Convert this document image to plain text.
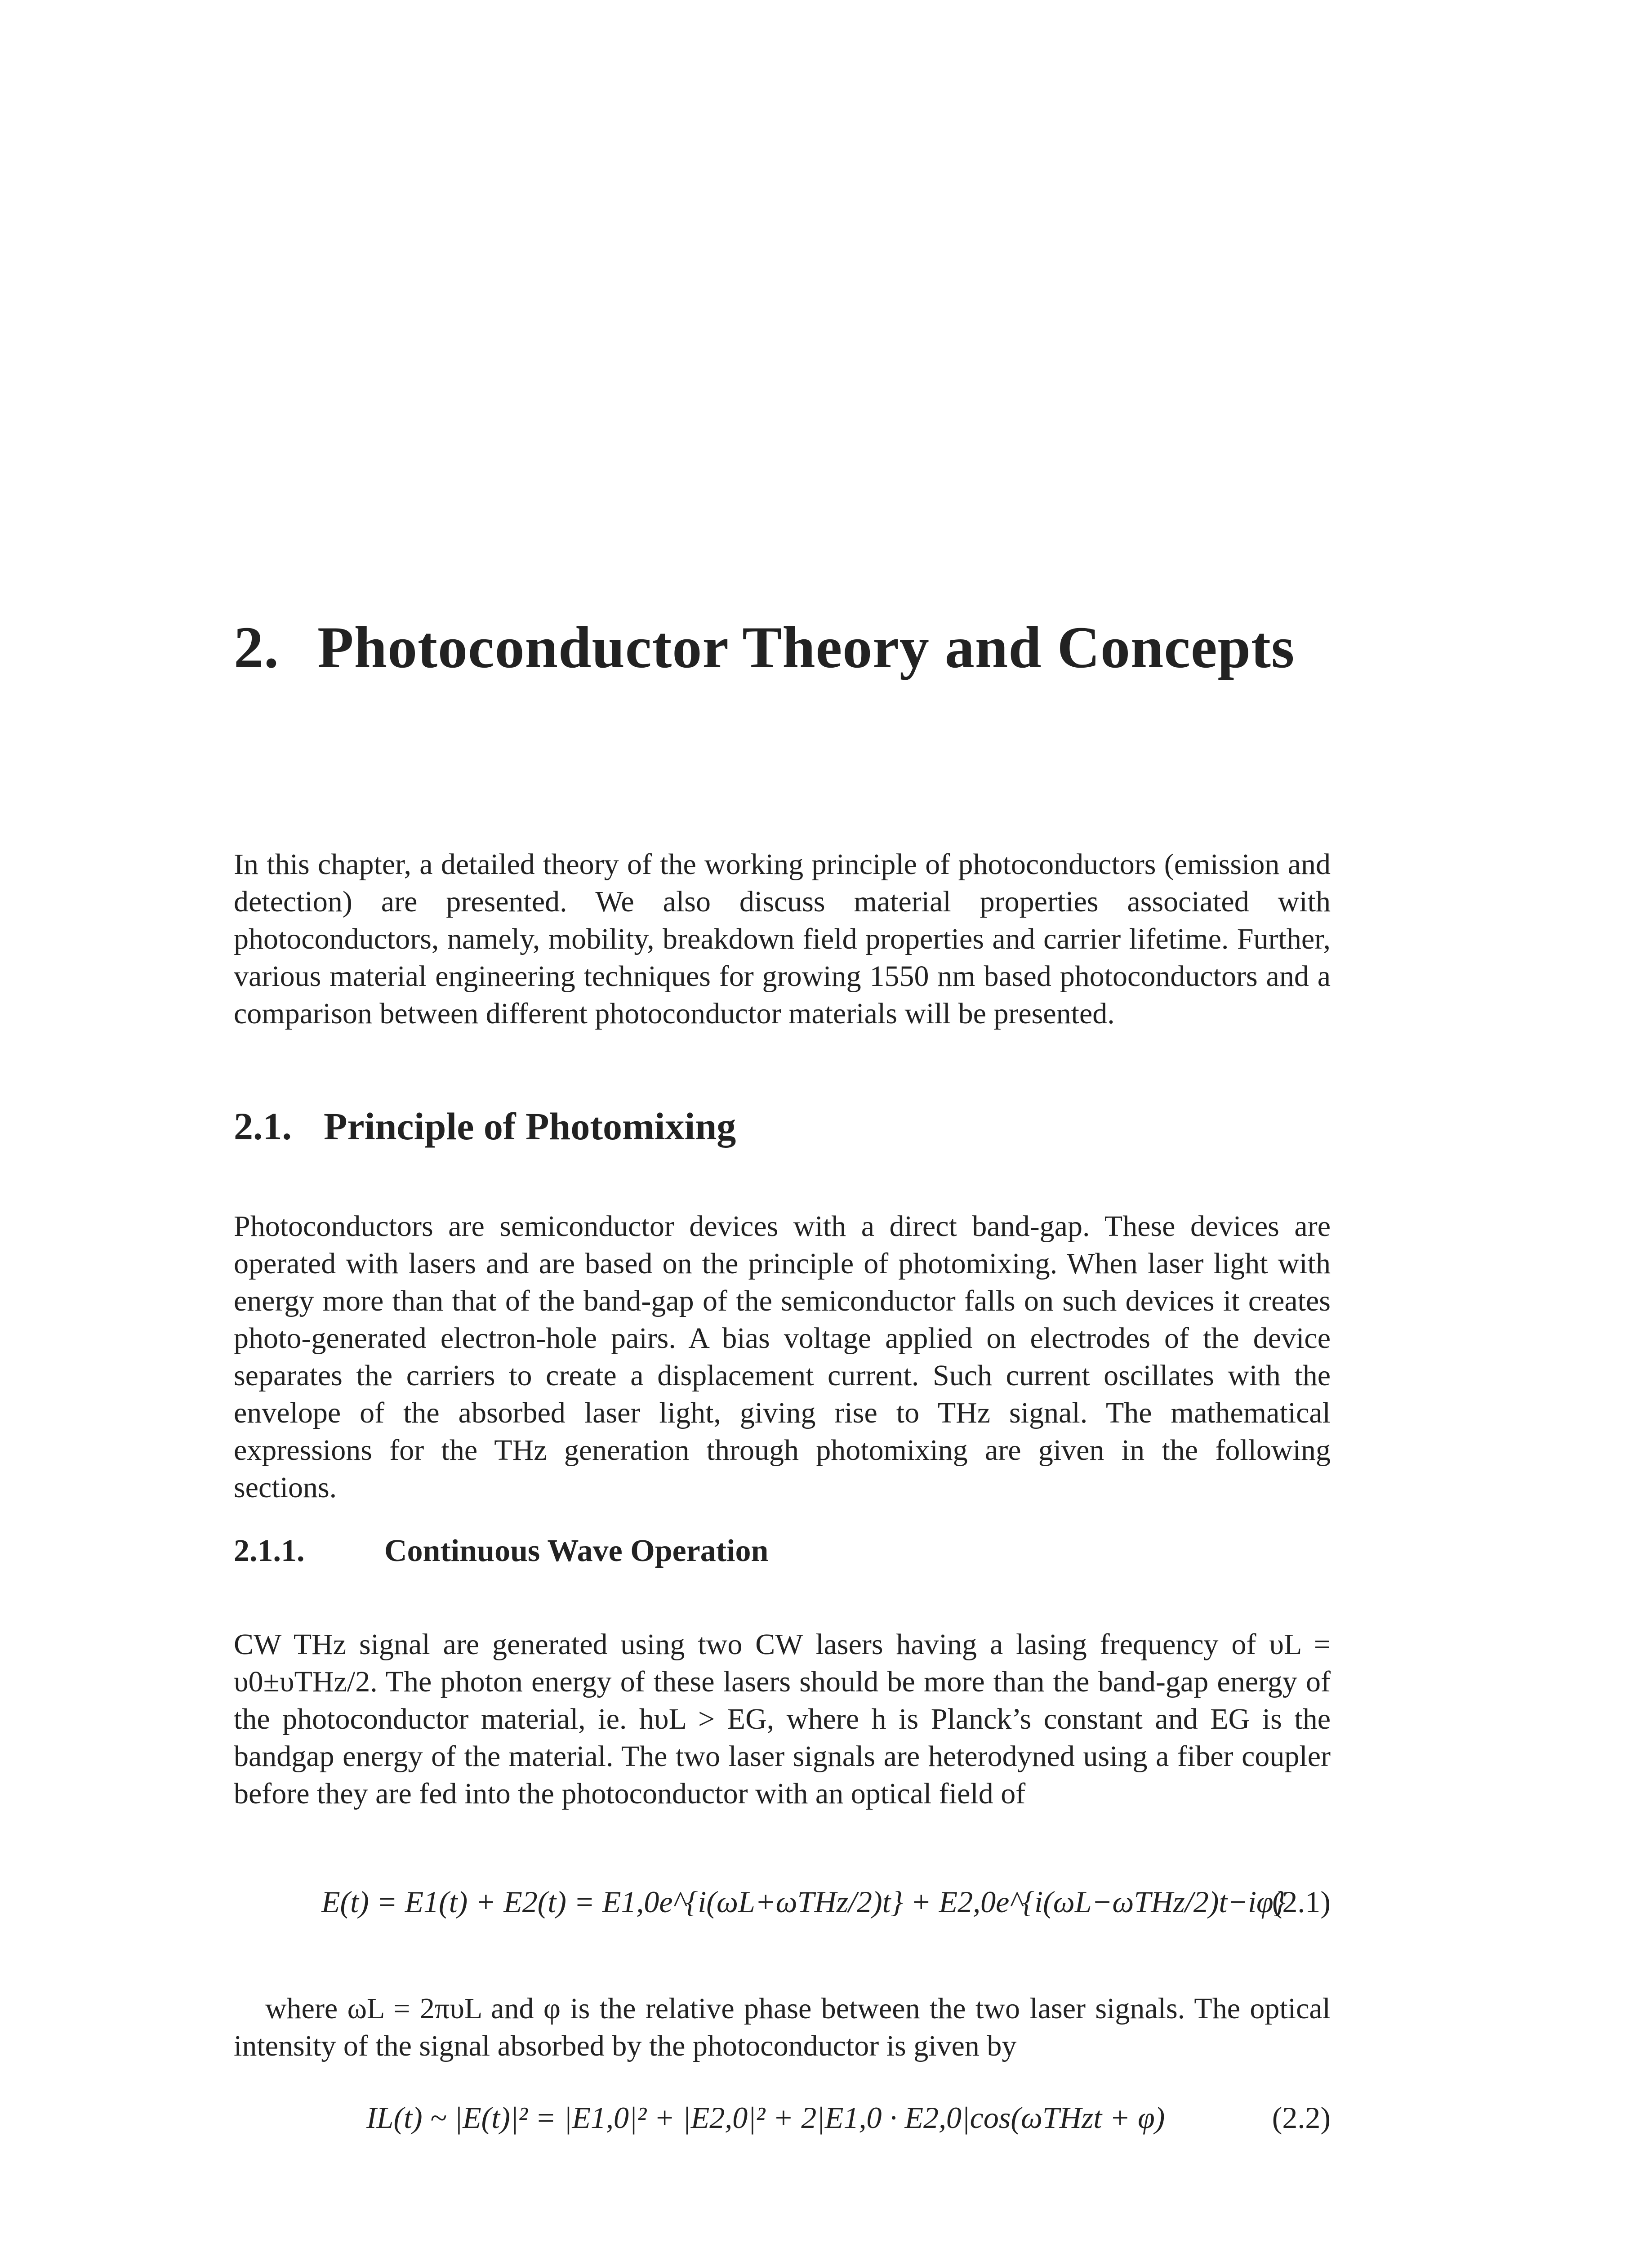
2. Photoconductor Theory and Concepts

In this chapter, a detailed theory of the working principle of photoconductors (emission and detection) are presented. We also discuss material properties associated with photoconductors, namely, mobility, breakdown field properties and carrier lifetime. Further, various material engineering techniques for growing 1550 nm based photoconductors and a comparison between different photoconductor materials will be presented.

2.1. Principle of Photomixing

Photoconductors are semiconductor devices with a direct band-gap. These devices are operated with lasers and are based on the principle of photomixing. When laser light with energy more than that of the band-gap of the semiconductor falls on such devices it creates photo-generated electron-hole pairs. A bias voltage applied on electrodes of the device separates the carriers to create a displacement current. Such current oscillates with the envelope of the absorbed laser light, giving rise to THz signal. The mathematical expressions for the THz generation through photomixing are given in the following sections.

2.1.1.	Continuous Wave Operation

CW THz signal are generated using two CW lasers having a lasing frequency of υL = υ0±υTHz/2. The photon energy of these lasers should be more than the band-gap energy of the photoconductor material, ie. hυL > EG, where h is Planck’s constant and EG is the bandgap energy of the material. The two laser signals are heterodyned using a fiber coupler before they are fed into the photoconductor with an optical field of

E(t) = E1(t) + E2(t) = E1,0e^{i(ωL+ωTHz/2)t} + E2,0e^{i(ωL−ωTHz/2)t−iφ}
(2.1)

where ωL = 2πυL and φ is the relative phase between the two laser signals. The optical intensity of the signal absorbed by the photoconductor is given by

IL(t) ~ |E(t)|² = |E1,0|² + |E2,0|² + 2|E1,0 · E2,0|cos(ωTHzt + φ)	(2.2)
